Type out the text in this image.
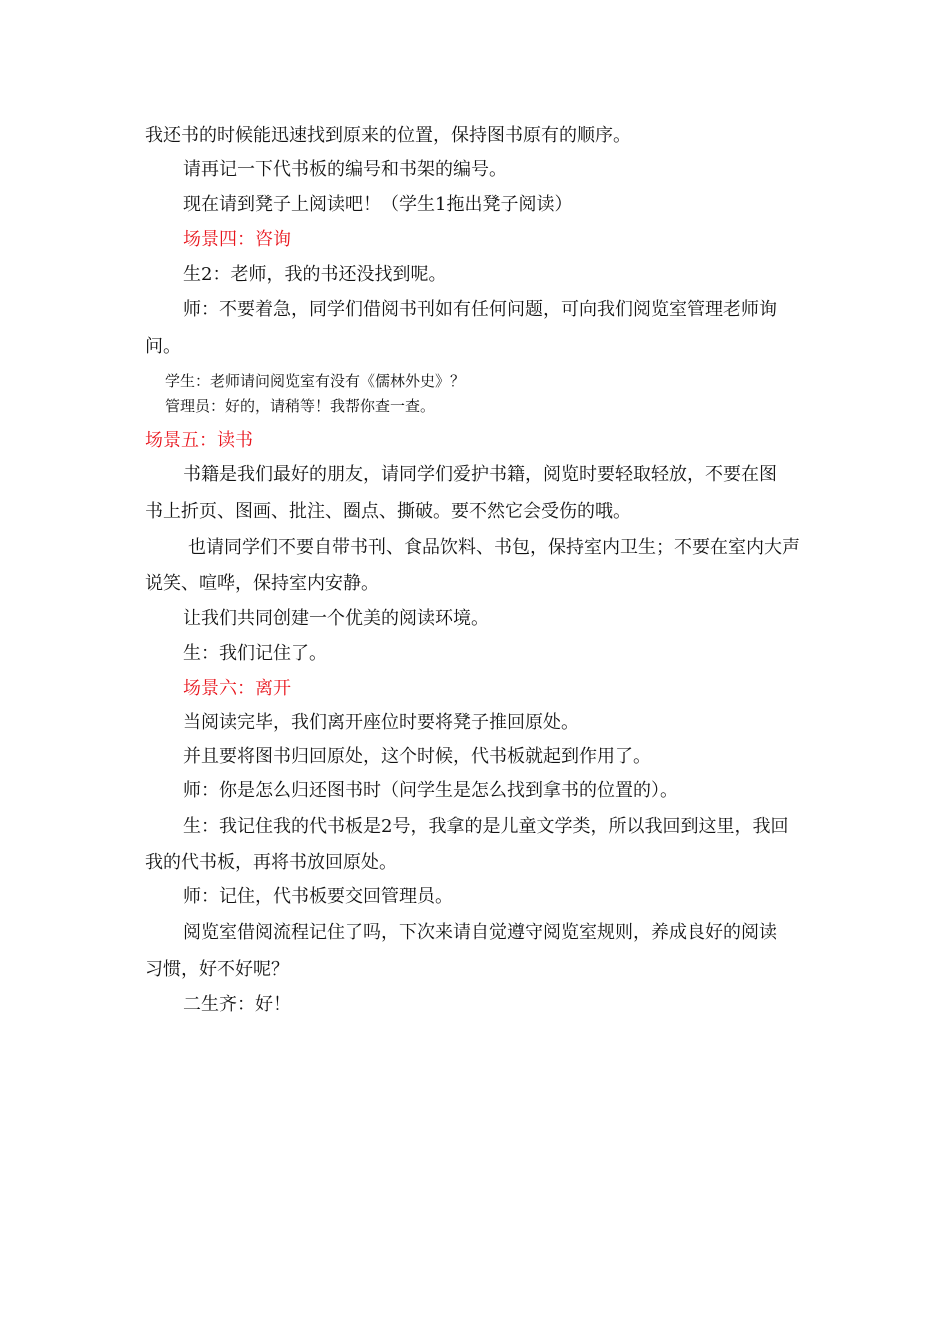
我还书的时候能迅速找到原来的位置，保持图书原有的顺序。
请再记一下代书板的编号和书架的编号。
现在请到凳子上阅读吧！（学生1拖出凳子阅读）
场景四：咨询
生2：老师，我的书还没找到呢。
师：不要着急，同学们借阅书刊如有任何问题，可向我们阅览室管理老师询
问。
学生：老师请问阅览室有没有《儒林外史》？
管理员：好的，请稍等！我帮你查一查。
场景五：读书
书籍是我们最好的朋友，请同学们爱护书籍，阅览时要轻取轻放，不要在图
书上折页、图画、批注、圈点、撕破。要不然它会受伤的哦。
也请同学们不要自带书刊、食品饮料、书包，保持室内卫生；不要在室内大声
说笑、喧哗，保持室内安静。
让我们共同创建一个优美的阅读环境。
生：我们记住了。
场景六：离开
当阅读完毕，我们离开座位时要将凳子推回原处。
并且要将图书归回原处，这个时候，代书板就起到作用了。
师：你是怎么归还图书时（问学生是怎么找到拿书的位置的）。
生：我记住我的代书板是2号，我拿的是儿童文学类，所以我回到这里，我回
我的代书板，再将书放回原处。
师：记住，代书板要交回管理员。
阅览室借阅流程记住了吗，下次来请自觉遵守阅览室规则，养成良好的阅读
习惯，好不好呢？
二生齐：好！
